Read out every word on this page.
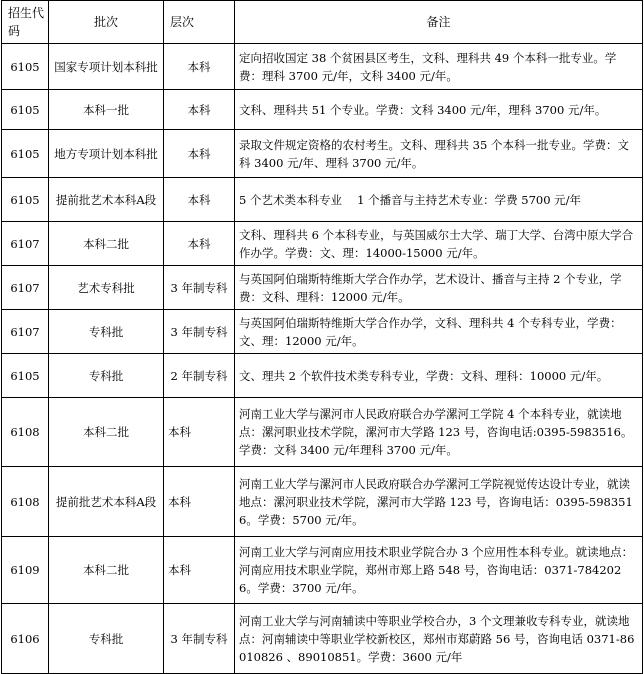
招生代码	批次	层次	备注
6105	国家专项计划本科批	本科	定向招收国定 38 个贫困县区考生，文科、理科共 49 个本科一批专业。学费：理科 3700 元/年，文科 3400 元/年。
6105	本科一批	本科	文科、理科共 51 个专业。学费：文科 3400 元/年，理科 3700 元/年。
6105	地方专项计划本科批	本科	录取文件规定资格的农村考生。文科、理科共 35 个本科一批专业。学费：文科 3400 元/年、理科 3700 元/年。
6105	提前批艺术本科A段	本科	5 个艺术类本科专业　 1 个播音与主持艺术专业：学费 5700 元/年
6107	本科二批	本科	文科、理科共 6 个本科专业，与英国威尔士大学、瑞丁大学、台湾中原大学合作办学。学费：文、理：14000-15000 元/年。
6107	艺术专科批	3 年制专科	与英国阿伯瑞斯特维斯大学合作办学，艺术设计、播音与主持 2 个专业，学费：文科、理科：12000 元/年。
6107	专科批	3 年制专科	与英国阿伯瑞斯特维斯大学合作办学，文科、理科共 4 个专科专业，学费：文、理：12000 元/年。
6105	专科批	2 年制专科	文、理共 2 个软件技术类专科专业，学费：文科、理科：10000 元/年。
6108	本科二批	本科	河南工业大学与漯河市人民政府联合办学漯河工学院 4 个本科专业，就读地点：漯河职业技术学院，漯河市大学路 123 号，咨询电话:0395-5983516。学费：文科 3400 元/年理科 3700 元/年。
6108	提前批艺术本科A段	本科	河南工业大学与漯河市人民政府联合办学漯河工学院视觉传达设计专业，就读地点：漯河职业技术学院，漯河市大学路 123 号，咨询电话：0395-5983516。学费：5700 元/年。
6109	本科二批	本科	河南工业大学与河南应用技术职业学院合办 3 个应用性本科专业。就读地点：河南应用技术职业学院，郑州市郑上路 548 号，咨询电话：0371-7842026。学费：3700 元/年。
6106	专科批	3 年制专科	河南工业大学与河南辅读中等职业学校合办，3 个文理兼收专科专业，就读地点：河南辅读中等职业学校新校区，郑州市郑蔚路 56 号，咨询电话 0371-86010826 、89010851。学费：3600 元/年
